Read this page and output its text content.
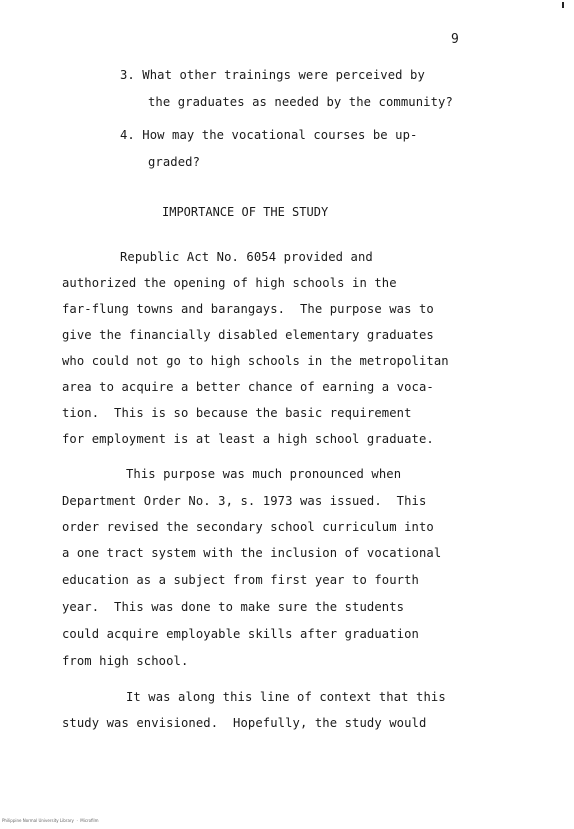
9
3. What other trainings were perceived by
the graduates as needed by the community?
4. How may the vocational courses be up-
graded?
IMPORTANCE OF THE STUDY
Republic Act No. 6054 provided and
authorized the opening of high schools in the
far-flung towns and barangays.  The purpose was to
give the financially disabled elementary graduates
who could not go to high schools in the metropolitan
area to acquire a better chance of earning a voca-
tion.  This is so because the basic requirement
for employment is at least a high school graduate.
This purpose was much pronounced when
Department Order No. 3, s. 1973 was issued.  This
order revised the secondary school curriculum into
a one tract system with the inclusion of vocational
education as a subject from first year to fourth
year.  This was done to make sure the students
could acquire employable skills after graduation
from high school.
It was along this line of context that this
study was envisioned.  Hopefully, the study would
Philippine Normal University Library  ·  Microfilm
